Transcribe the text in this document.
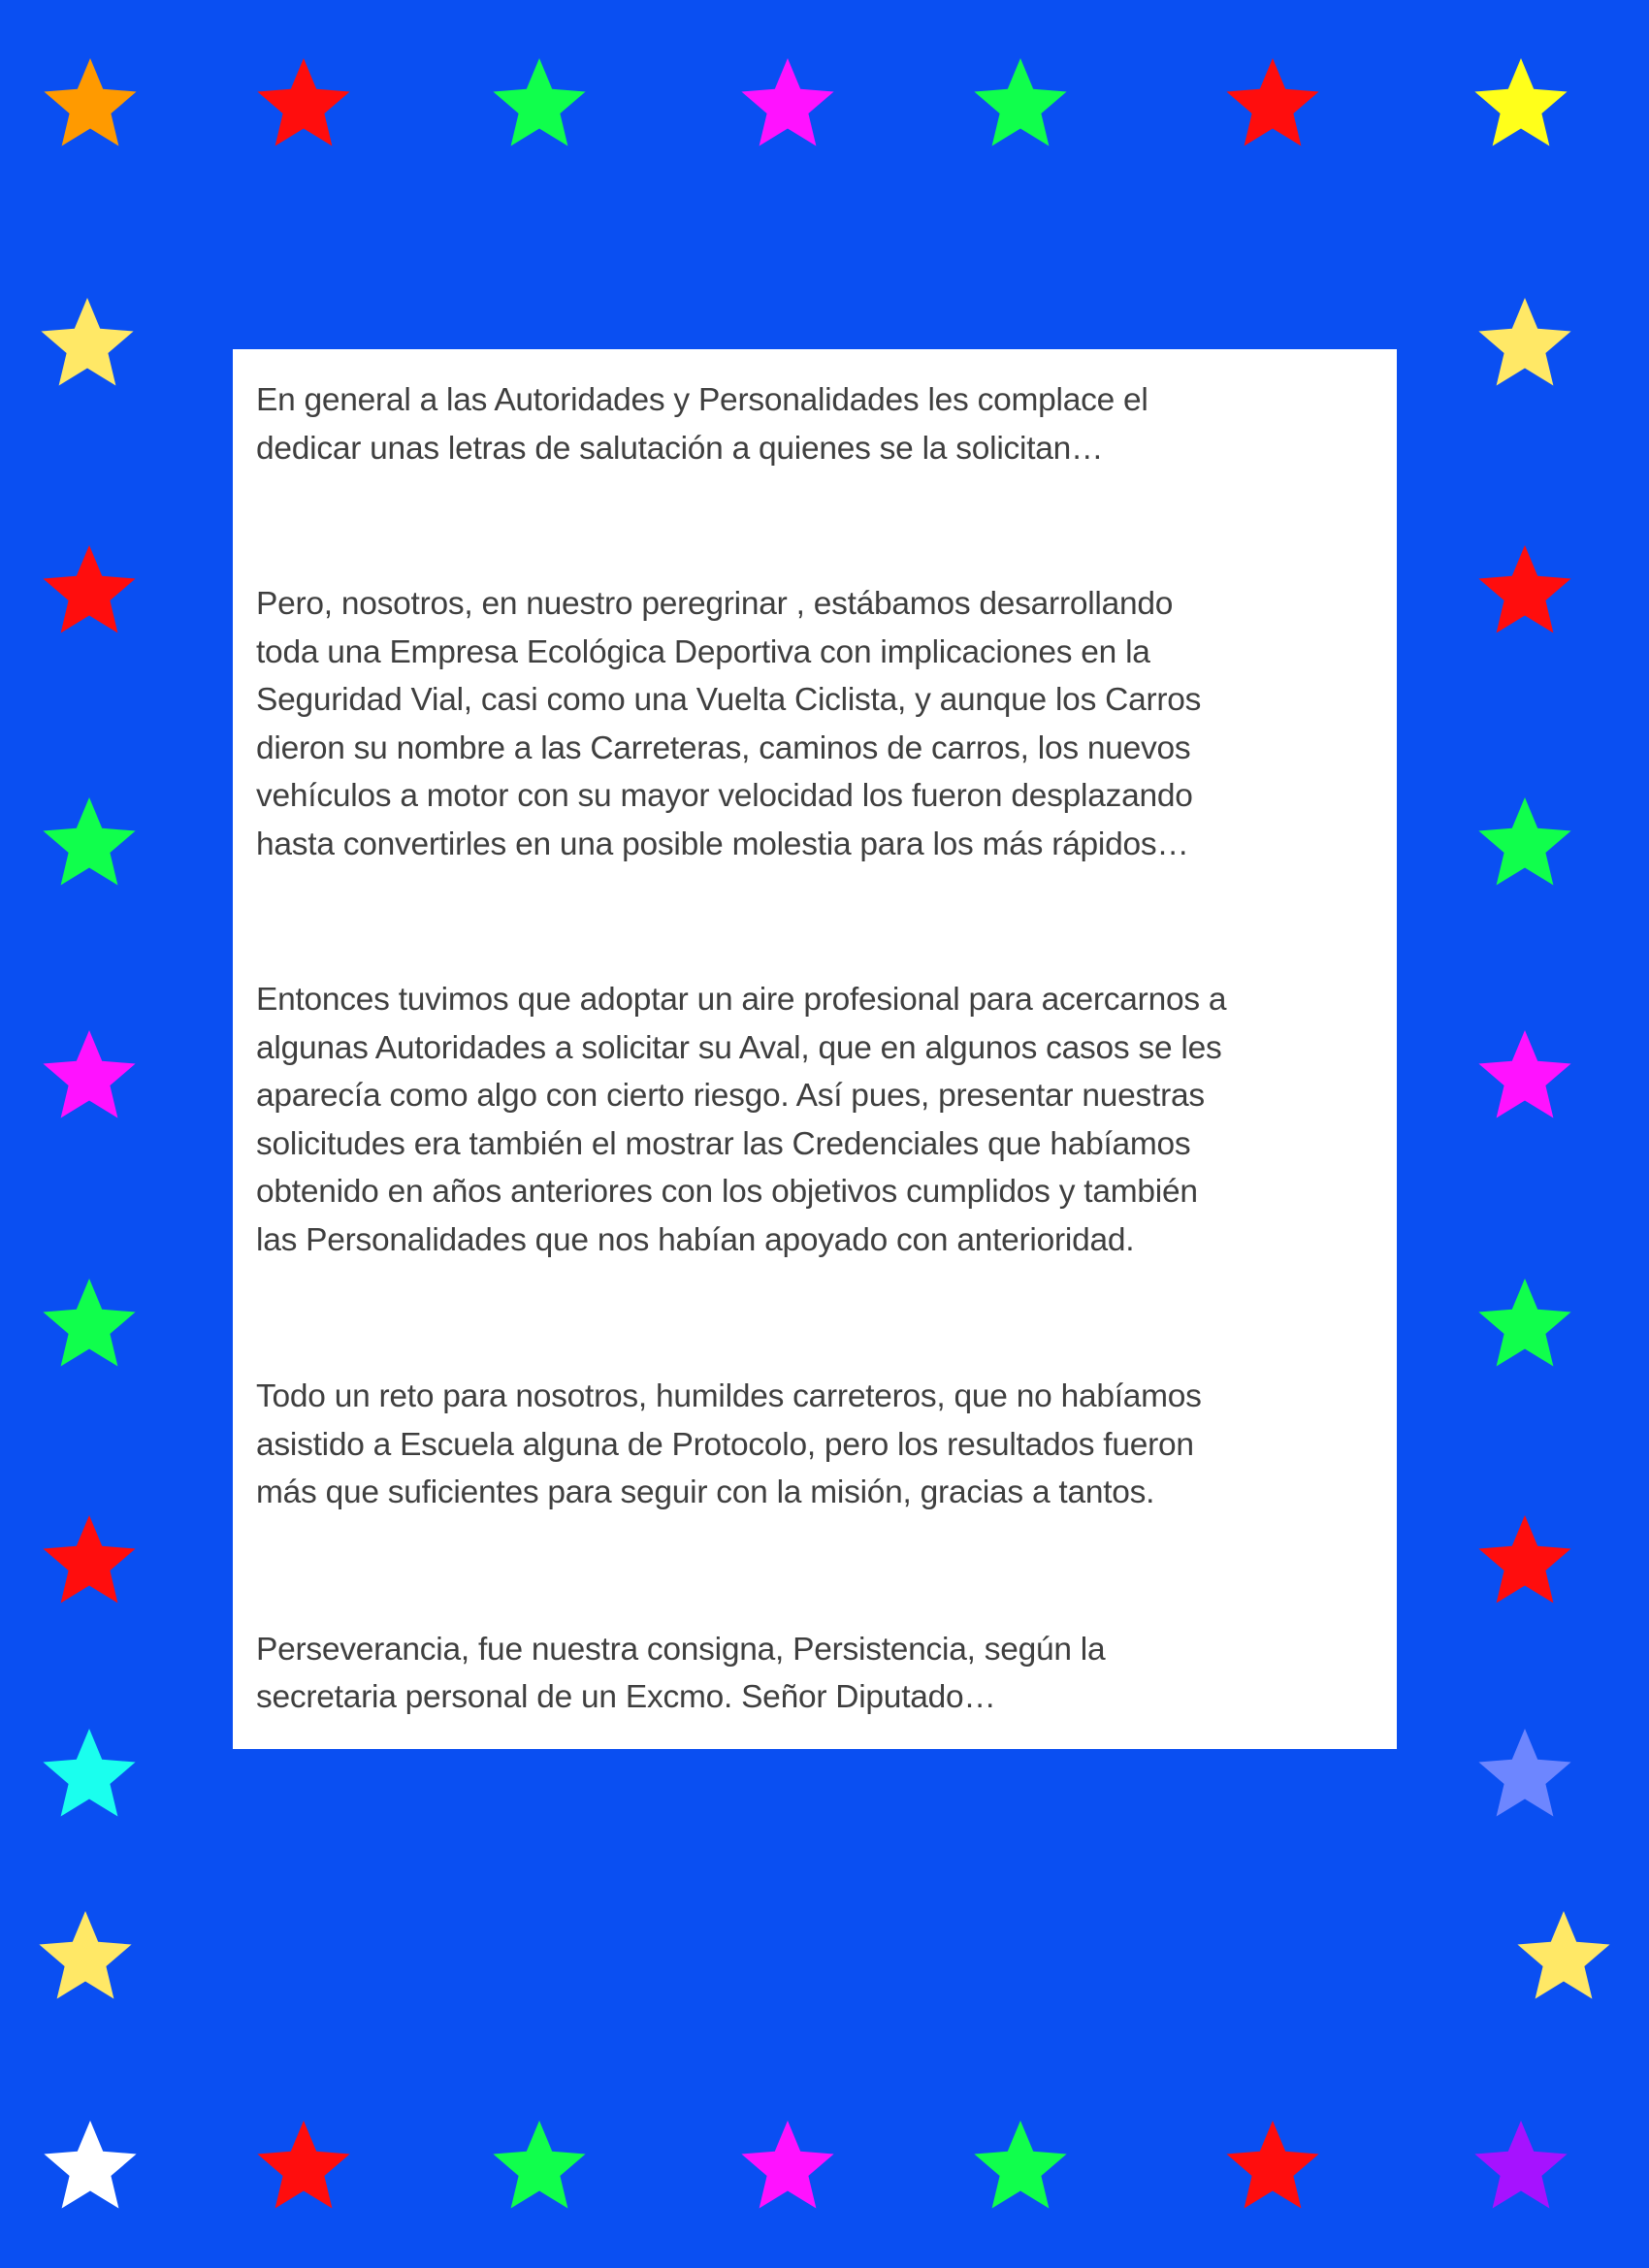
En general a las Autoridades y Personalidades les complace el
dedicar unas letras de salutación a quienes se la solicitan…

Pero, nosotros, en nuestro peregrinar , estábamos desarrollando
toda una Empresa Ecológica Deportiva con implicaciones en la
Seguridad Vial, casi como una Vuelta Ciclista, y aunque los Carros
dieron su nombre a las Carreteras, caminos de carros, los nuevos
vehículos a motor con su mayor velocidad los fueron desplazando
hasta convertirles en una posible molestia para los más rápidos…

Entonces tuvimos que adoptar un aire profesional para acercarnos a
algunas Autoridades a solicitar su Aval, que en algunos casos se les
aparecía como algo con cierto riesgo. Así pues, presentar nuestras
solicitudes era también el mostrar las Credenciales que habíamos
obtenido en años anteriores con los objetivos cumplidos y también
las Personalidades que nos habían apoyado con anterioridad.

Todo un reto para nosotros, humildes carreteros, que no habíamos
asistido a Escuela alguna de Protocolo, pero los resultados fueron
más que suficientes para seguir con la misión, gracias a tantos.

Perseverancia, fue nuestra consigna, Persistencia, según la
secretaria personal de un Excmo. Señor Diputado…
